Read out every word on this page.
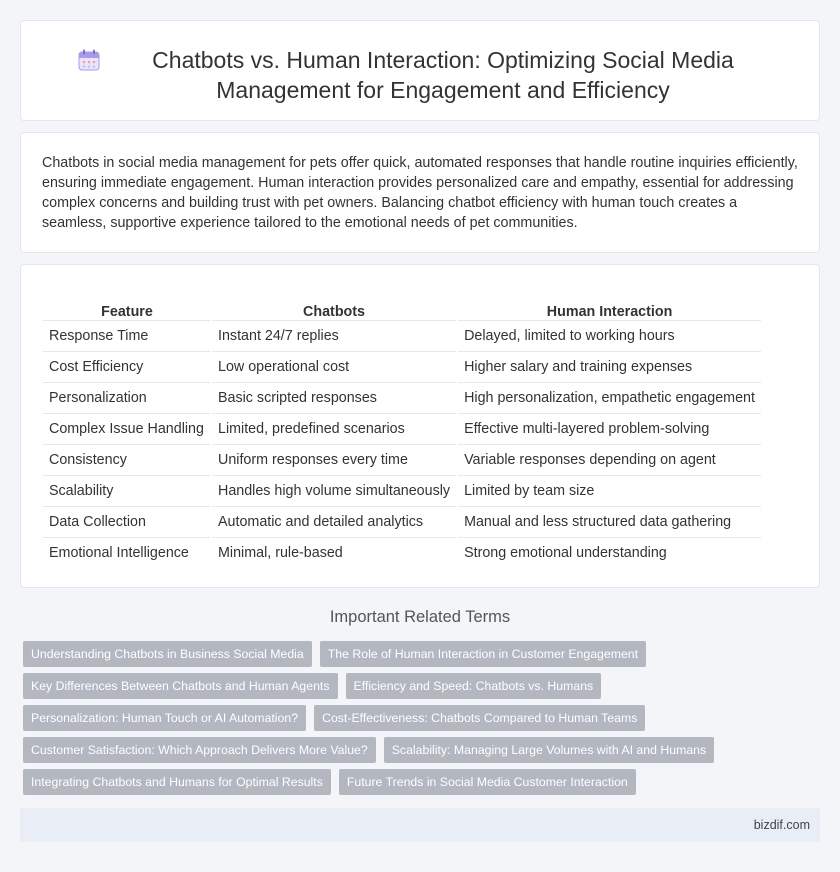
Chatbots vs. Human Interaction: Optimizing Social Media Management for Engagement and Efficiency

Chatbots in social media management for pets offer quick, automated responses that handle routine inquiries efficiently, ensuring immediate engagement. Human interaction provides personalized care and empathy, essential for addressing complex concerns and building trust with pet owners. Balancing chatbot efficiency with human touch creates a seamless, supportive experience tailored to the emotional needs of pet communities.

Feature	Chatbots	Human Interaction
Response Time	Instant 24/7 replies	Delayed, limited to working hours
Cost Efficiency	Low operational cost	Higher salary and training expenses
Personalization	Basic scripted responses	High personalization, empathetic engagement
Complex Issue Handling	Limited, predefined scenarios	Effective multi-layered problem-solving
Consistency	Uniform responses every time	Variable responses depending on agent
Scalability	Handles high volume simultaneously	Limited by team size
Data Collection	Automatic and detailed analytics	Manual and less structured data gathering
Emotional Intelligence	Minimal, rule-based	Strong emotional understanding
Important Related Terms
Understanding Chatbots in Business Social Media	The Role of Human Interaction in Customer Engagement
Key Differences Between Chatbots and Human Agents	Efficiency and Speed: Chatbots vs. Humans
Personalization: Human Touch or AI Automation?	Cost-Effectiveness: Chatbots Compared to Human Teams
Customer Satisfaction: Which Approach Delivers More Value?	Scalability: Managing Large Volumes with AI and Humans
Integrating Chatbots and Humans for Optimal Results	Future Trends in Social Media Customer Interaction
bizdif.com
